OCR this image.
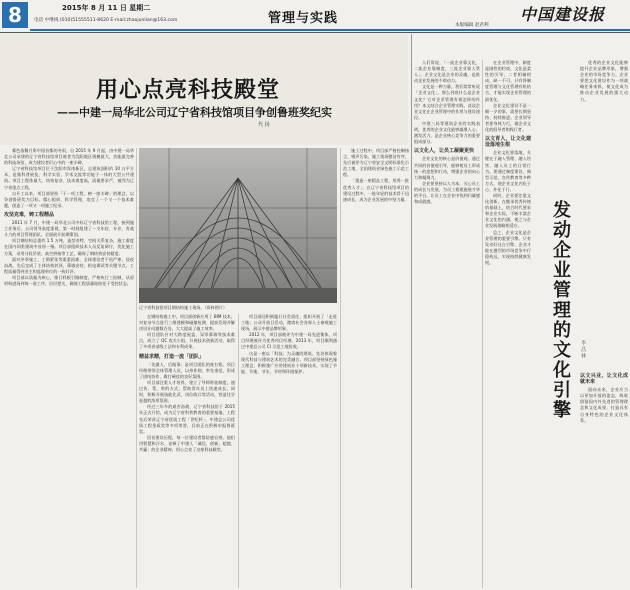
8	2015年 8 月 11 日 星期二
电话 中继线 (010)51555511-8620 E-mail:zhaojunlian@163.com	管理与实践	本版编辑 赵君利
中国建设报
用心点亮科技殿堂
——中建一局华北公司辽宁省科技馆项目争创鲁班奖纪实
代 扬

雾色依稀月影中国首都的冬雨，自 2015 年 9 月起，由中建一局华北公司承建的辽宁省科技馆项目被誉为沈阳地区规模最大、功能最完善的科技场馆，成为建设者们心中的一座丰碑。

辽宁省科技馆项目位于沈阳市浑南新区，总建筑面积约 10 万平方米，是集科普展览、科学实验、学术交流等功能于一体的大型公共建筑。项目工程体量大、结构复杂、技术难度高，质量要求严，被列为辽宁省重点工程。

自开工以来，项目部坚持「干一项工程、树一座丰碑」的理念，以争创鲁班奖为目标，精心组织、科学管理，攻克了一个又一个技术难题，创造了一项又一项施工纪录。

攻坚克难，铸工程精品

2011 年 7 月，中建一局华北公司中标辽宁省科技馆工程，接到施工任务后，公司领导高度重视，第一时间组建了一支年轻、专业、有战斗力的项目管理团队，全面展开前期策划。

项目钢结构总重约 1.5 万吨，造型奇特，空间关系复杂，施工难度在国内同类建筑中首屈一指。项目部组织技术人员反复研讨，优化施工方案，采用分段吊装、高空拼接等工艺，确保了钢结构安装精度。

面对冬季施工、工期紧张等重重困难，全体建设者不畏严寒、昼夜奋战，先后完成了主体结构封顶、幕墙安装、机电调试等关键节点，工程质量得到业主和监理单位的一致好评。

项目部以质量为核心，推行样板引路制度，严格执行三检制，从原材料进场到每一道工序，层层把关，确保工程质量始终处于受控状态。

辽宁省科技馆项目钢结构施工现场。（资料图片）

在钢结构施工中，项目部创新应用了 BIM 技术，对复杂节点进行三维建模和碰撞检测，提前发现并解决设计问题数百处，大大提高了施工效率。

项目团队针对大跨度屋盖、异形幕墙等技术难点，成立了 QC 攻关小组，开展技术创新活动，取得了多项省部级工法和专利成果。

精益求精，打造一流「团队」

「先做人、后做事」是项目团队的座右铭。项目经理带领全体管理人员，以身作则，率先垂范，形成了团结协作、敢打硬仗的良好氛围。

项目部注重人才培养，建立了导师带徒制度，通过传、帮、带的方式，帮助青年员工快速成长。同时，积极开展技能比武、岗位练兵等活动，营造比学赶超的浓厚氛围。

经过三年多的艰苦奋战，辽宁省科技馆于 2015 年正式开馆，成为辽宁省科普教育的重要基地。工程先后荣获辽宁省优质工程「世纪杯」、中建总公司优质工程金质奖等多项荣誉，目前正在积极申报鲁班奖。

回首建设历程，每一位建设者都倍感自豪。他们用智慧和汗水，诠释了中建人「诚信、创新、超越、共赢」的企业精神，用心点亮了这座科技殿堂。

项目部还积极履行社会责任，组织开展了「走进工地」公众开放日活动，邀请社会各界人士参观施工现场，展示中建品牌形象。

2012 年，项目部被评为中建一局先进集体，项目经理被评为优秀项目经理。2013 年，项目顺利通过中建总公司 CI 示范工地验收。

这是一座以「科技」为灵魂的建筑，处处体现着现代科技与建筑艺术的完美融合。项目部坚持绿色施工理念，积极推广应用建筑业十项新技术，实现了节能、节地、节水、节材和环境保护。

施工过程中，项目部严格控制扬尘、噪声污染，施工现场整洁有序，先后被评为辽宁省安全文明标准化示范工地、全国建筑业绿色施工示范工程。

「建造一座精品工程，培养一批优秀人才」。在辽宁省科技馆项目的建设过程中，一批年轻的技术骨干迅速成长，成为企业发展的中坚力量。

人们常说，「一流企业靠文化，二流企业靠制度，三流企业靠人管人」。企业文化是企业的灵魂，是推动企业发展的不竭动力。

文化是一种力量。我们常常听说「企业文化」，那么到底什么是企业文化？它对企业管理有着怎样的作用？本文结合企业管理实践，谈谈企业文化在企业管理中的作用与建设途径。

中建三局等建筑企业的实践表明，优秀的企业文化能够凝聚人心、激发活力，是企业核心竞争力的重要组成部分。

以文化人，让员工凝聚更快

企业文化的核心是价值观。通过共同的价值观引导，能够使员工形成统一的思想和行动，增强企业的向心力和凝聚力。

企业要坚持以人为本，关心员工的成长与发展，为员工搭建施展才华的平台，让员工在企业中找到归属感和成就感。

在企业管理中，制度是刚性的约束，文化是柔性的引导。二者相辅相成，缺一不可。只有将制度管理与文化管理有机结合，才能实现企业管理的最优化。

企业文化建设不是一朝一夕的事，需要长期坚持、持续推进。企业领导者要身体力行，做企业文化的倡导者和践行者。

以文育人，让文化建设落地生根

企业文化要落地，关键在于融入管理、融入经营、融入员工的日常行为。要通过制度建设、典型示范、宣传教育等多种方式，使企业文化内化于心、外化于行。

同时，企业要注重文化创新，在继承优秀传统的基础上，结合时代要求和企业实际，不断丰富企业文化的内涵，使之与企业发展战略相适应。

总之，企业文化是企业管理的重要引擎。只有发动好这台引擎，企业才能在激烈的市场竞争中行稳致远，实现持续健康发展。	发动企业管理的文化引擎 李 昌 林

优秀的企业文化能够提升企业品牌形象，增强企业的市场竞争力。企业要把文化建设作为一项战略任务来抓，使文化成为推动企业发展的强大动力。

以文兴业，让文化成就未来

面向未来，企业应当以更加开放的姿态，吸收借鉴国内外先进的管理理念和文化成果，打造具有自身特色的企业文化体系。
